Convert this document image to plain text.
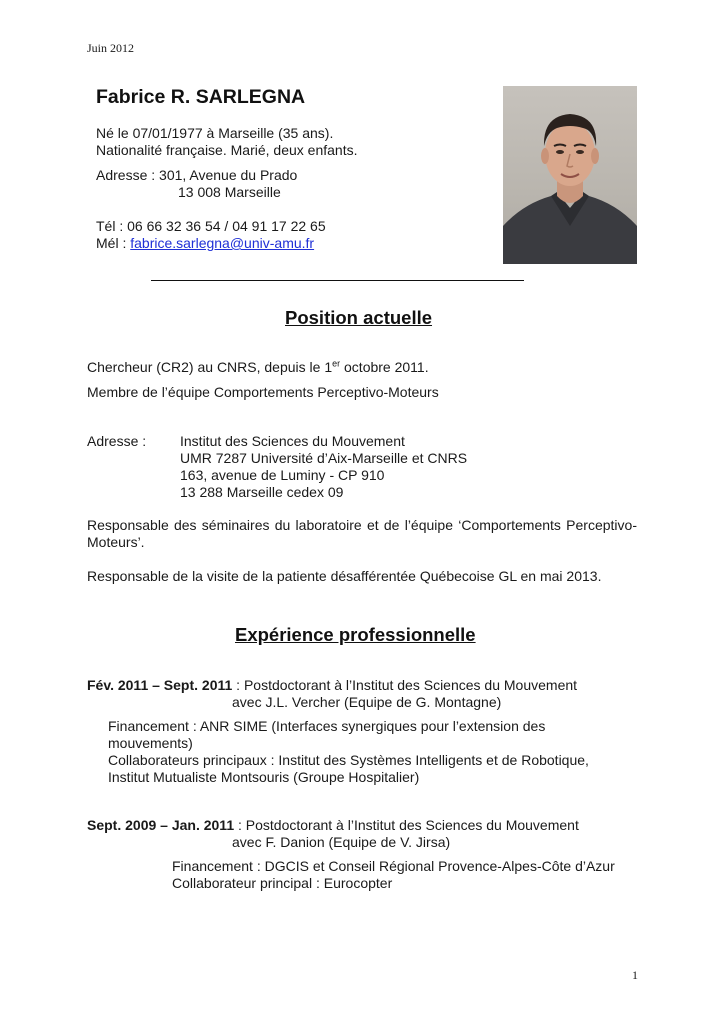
Juin 2012
Fabrice R. SARLEGNA
Né le 07/01/1977 à Marseille (35 ans).
Nationalité française. Marié, deux enfants.
Adresse : 301, Avenue du Prado
13 008 Marseille
Tél : 06 66 32 36 54 / 04 91 17 22 65
Mél : fabrice.sarlegna@univ-amu.fr
Position actuelle
Chercheur (CR2) au CNRS, depuis le 1er octobre 2011.
Membre de l’équipe Comportements Perceptivo-Moteurs
Adresse : Institut des Sciences du Mouvement
UMR 7287 Université d’Aix-Marseille et CNRS
163, avenue de Luminy - CP 910
13 288 Marseille cedex 09
Responsable des séminaires du laboratoire et de l’équipe ‘Comportements Perceptivo-Moteurs’.
Responsable de la visite de la patiente désafférentée Québecoise GL en mai 2013.
Expérience professionnelle
Fév. 2011 – Sept. 2011 : Postdoctorant à l’Institut des Sciences du Mouvement
avec J.L. Vercher (Equipe de G. Montagne)
Financement : ANR SIME (Interfaces synergiques pour l’extension des
mouvements)
Collaborateurs principaux : Institut des Systèmes Intelligents et de Robotique,
Institut Mutualiste Montsouris (Groupe Hospitalier)
Sept. 2009 – Jan. 2011 : Postdoctorant à l’Institut des Sciences du Mouvement
avec F. Danion (Equipe de V. Jirsa)
Financement : DGCIS et Conseil Régional Provence-Alpes-Côte d’Azur
Collaborateur principal : Eurocopter
1
